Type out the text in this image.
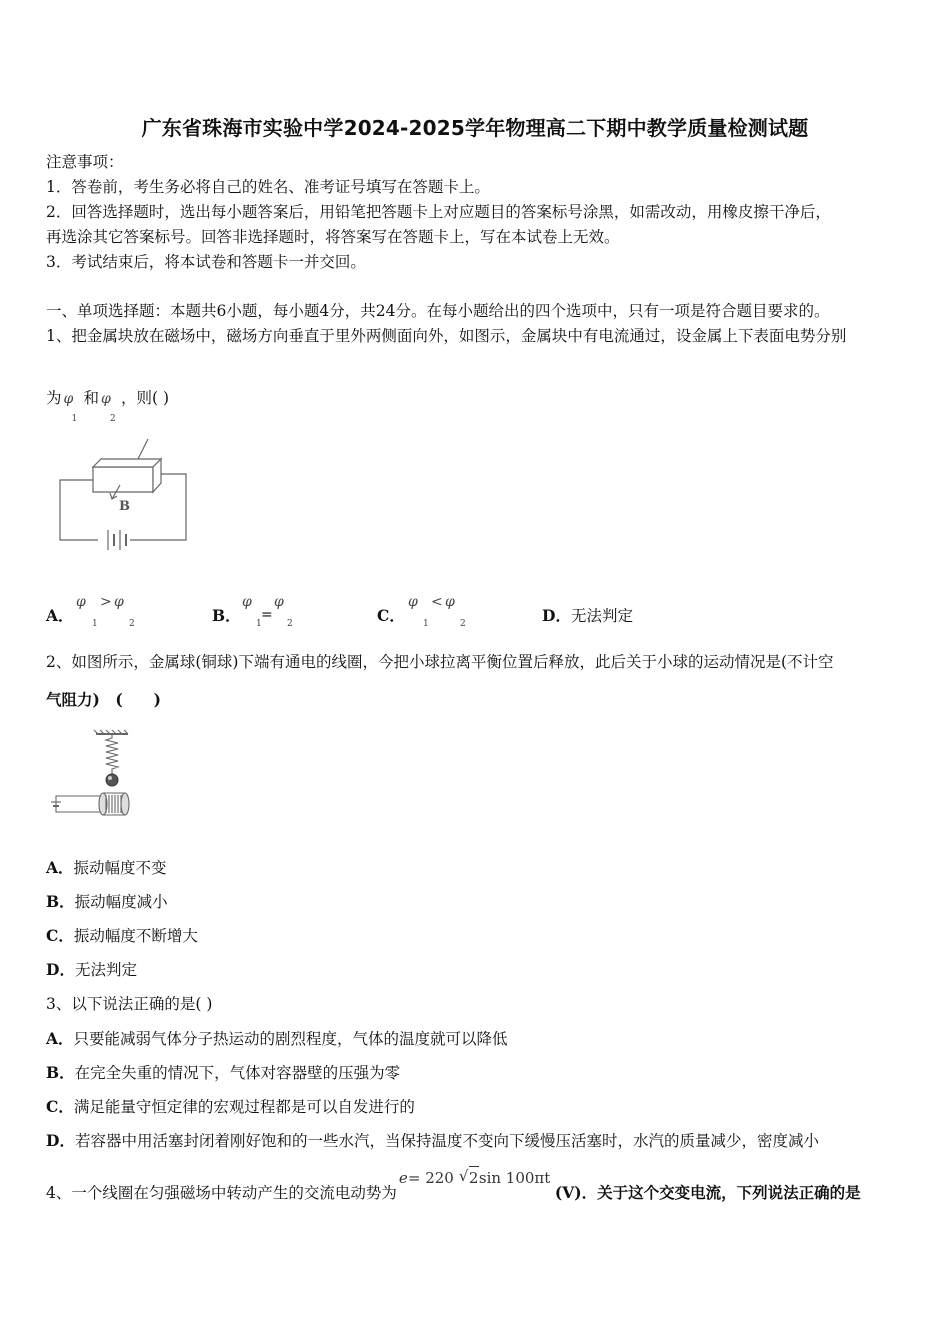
广东省珠海市实验中学2024-2025学年物理高二下期中教学质量检测试题
注意事项：
1．答卷前，考生务必将自己的姓名、准考证号填写在答题卡上。
2．回答选择题时，选出每小题答案后，用铅笔把答题卡上对应题目的答案标号涂黑，如需改动，用橡皮擦干净后，
再选涂其它答案标号。回答非选择题时，将答案写在答题卡上，写在本试卷上无效。
3．考试结束后，将本试卷和答题卡一并交回。
一、单项选择题：本题共6小题，每小题4分，共24分。在每小题给出的四个选项中，只有一项是符合题目要求的。
1、把金属块放在磁场中，磁场方向垂直于里外两侧面向外，如图示，金属块中有电流通过，设金属上下表面电势分别
为 φ
1
和 φ
2
，则( )
B
A．
φ
1
> φ
2	B．
φ
1
=
φ
2	C．
φ
1
< φ
2	D．无法判定
2、如图所示，金属球(铜球)下端有通电的线圈，今把小球拉离平衡位置后释放，此后关于小球的运动情况是(不计空
气阻力)　(　　)
A．振动幅度不变
B．振动幅度减小
C．振动幅度不断增大
D．无法判定
3、以下说法正确的是( )
A．只要能减弱气体分子热运动的剧烈程度，气体的温度就可以降低
B．在完全失重的情况下，气体对容器壁的压强为零
C．满足能量守恒定律的宏观过程都是可以自发进行的
D．若容器中用活塞封闭着刚好饱和的一些水汽，当保持温度不变向下缓慢压活塞时，水汽的质量减少，密度减小
4、一个线圈在匀强磁场中转动产生的交流电动势为
e = 220 √ 2 sin 100πt
(V)．关于这个交变电流，下列说法正确的是
